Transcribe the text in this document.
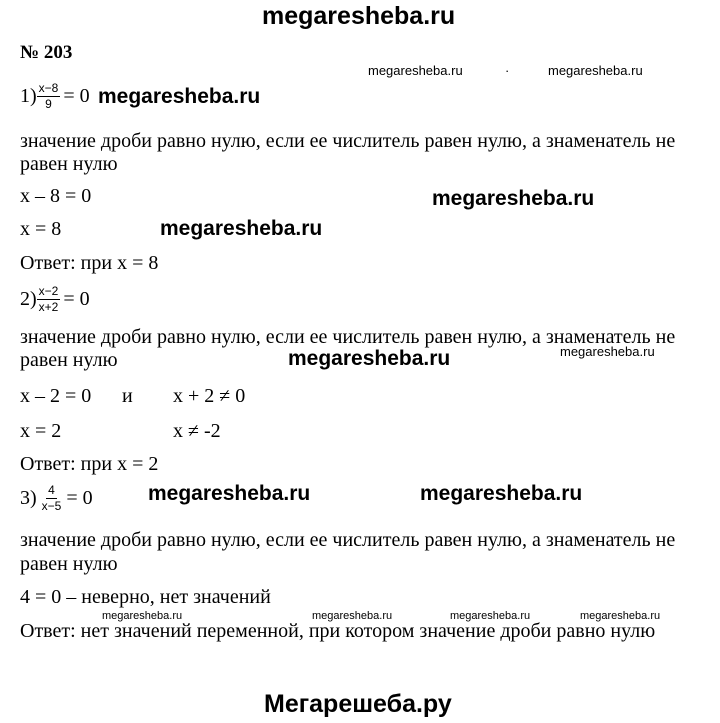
megaresheba.ru
№ 203
megaresheba.ru	·	megaresheba.ru
$1) \frac{x-8}{9} = 0$ megaresheba.ru
значение дроби равно нулю, если ее числитель равен нулю, а знаменатель не
равен нулю
x – 8 = 0	megaresheba.ru
x = 8	megaresheba.ru
Ответ: при x = 8
$2) \frac{x-2}{x+2} = 0$
значение дроби равно нулю, если ее числитель равен нулю, а знаменатель не
равен нулю	megaresheba.ru	megaresheba.ru
x – 2 = 0 и x + 2 ≠ 0
x = 2	x ≠ -2
Ответ: при x = 2
$3) \frac{4}{x-5} = 0$	megaresheba.ru	megaresheba.ru
значение дроби равно нулю, если ее числитель равен нулю, а знаменатель не
равен нулю
4 = 0 – неверно, нет значений
megaresheba.ru	megaresheba.ru	megaresheba.ru	megaresheba.ru
Ответ: нет значений переменной, при котором значение дроби равно нулю
Мегарешеба.ру
